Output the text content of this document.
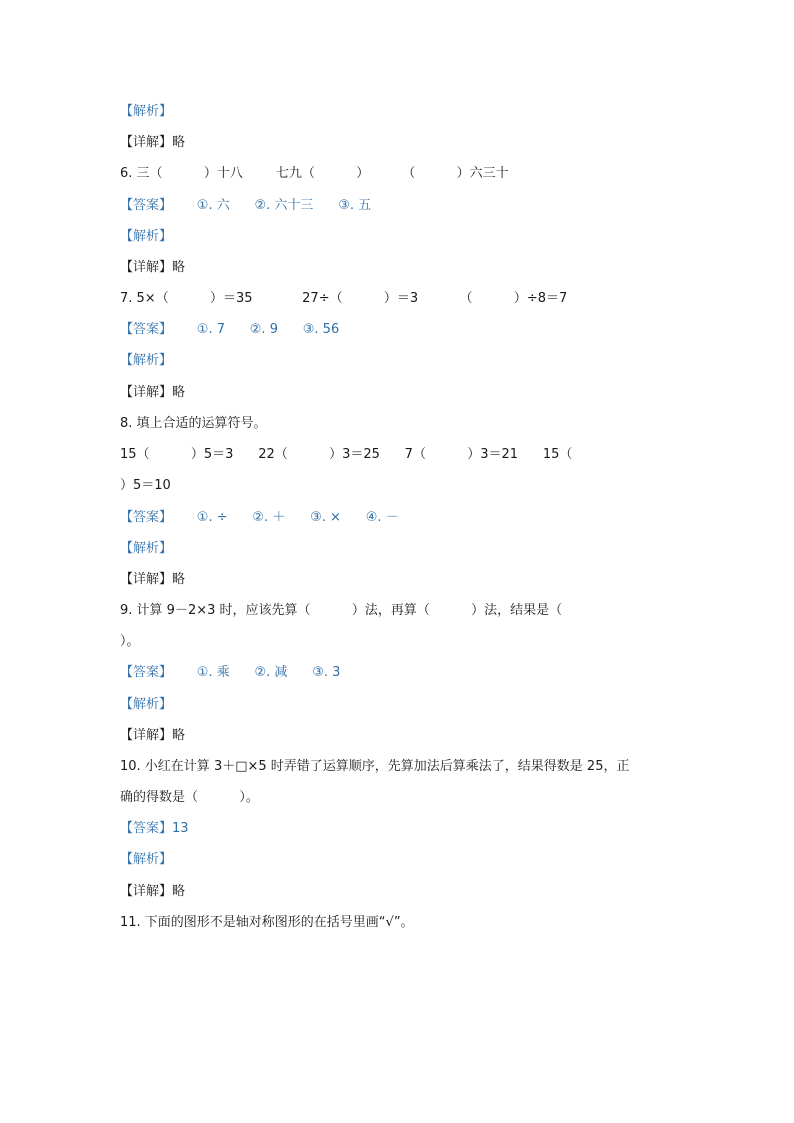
【解析】
【详解】略
6. 三（          ）十八        七九（          ）        （          ）六三十
【答案】      ①. 六      ②. 六十三      ③. 五
【解析】
【详解】略
7. 5×（          ）＝35            27÷（          ）＝3          （          ）÷8＝7
【答案】      ①. 7      ②. 9      ③. 56
【解析】
【详解】略
8. 填上合适的运算符号。
15（          ）5＝3      22（          ）3＝25      7（          ）3＝21      15（
）5＝10
【答案】      ①. ÷      ②. ＋      ③. ×      ④. －
【解析】
【详解】略
9. 计算 9－2×3 时，应该先算（          ）法，再算（          ）法，结果是（
）。
【答案】      ①. 乘      ②. 减      ③. 3
【解析】
【详解】略
10. 小红在计算 3＋□×5 时弄错了运算顺序，先算加法后算乘法了，结果得数是 25，正
确的得数是（          ）。
【答案】13
【解析】
【详解】略
11. 下面的图形不是轴对称图形的在括号里画“√”。
